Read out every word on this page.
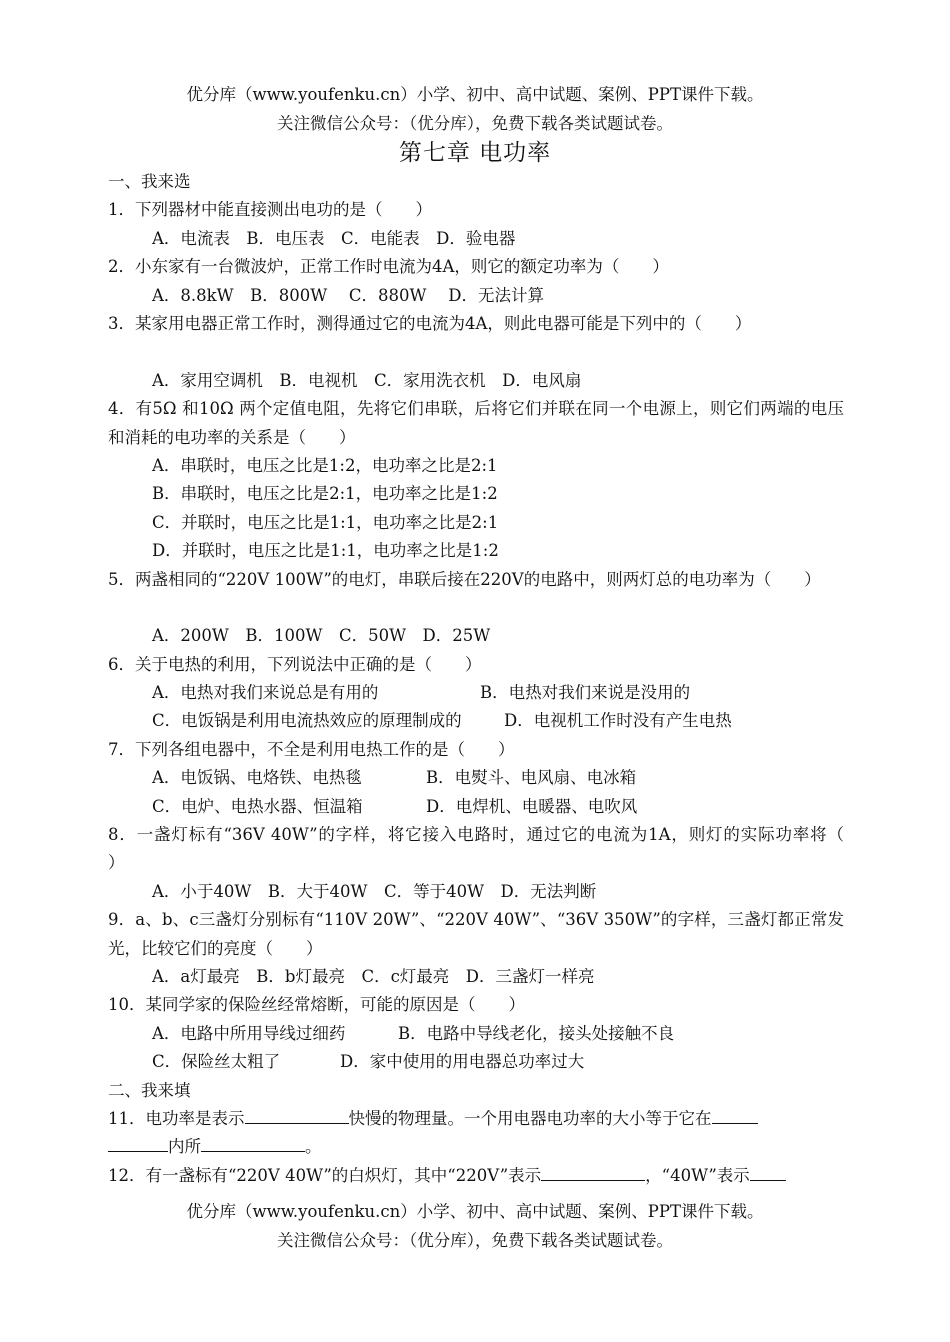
优分库（www.youfenku.cn）小学、初中、高中试题、案例、PPT课件下载。
关注微信公众号：（优分库），免费下载各类试题试卷。
第七章 电功率
一、我来选
1．下列器材中能直接测出电功的是（　　）
A．电流表　B．电压表　C．电能表　D．验电器
2．小东家有一台微波炉，正常工作时电流为4A，则它的额定功率为（　　）
A．8.8kW　B．800W　 C．880W　 D．无法计算
3．某家用电器正常工作时，测得通过它的电流为4A，则此电器可能是下列中的（　　）
A．家用空调机　B．电视机　C．家用洗衣机　D．电风扇
4．有5Ω 和10Ω 两个定值电阻，先将它们串联，后将它们并联在同一个电源上，则它们两端的电压和消耗的电功率的关系是（　　）
A．串联时，电压之比是1:2，电功率之比是2:1
B．串联时，电压之比是2:1，电功率之比是1:2
C．并联时，电压之比是1:1，电功率之比是2:1
D．并联时，电压之比是1:1，电功率之比是1:2
5．两盏相同的“220V 100W”的电灯，串联后接在220V的电路中，则两灯总的电功率为（　　）
A．200W　B．100W　C．50W　D．25W
6．关于电热的利用，下列说法中正确的是（　　）
A．电热对我们来说总是有用的	B．电热对我们来说是没用的
C．电饭锅是利用电流热效应的原理制成的	D．电视机工作时没有产生电热
7．下列各组电器中，不全是利用电热工作的是（　　）
A．电饭锅、电烙铁、电热毯	B．电熨斗、电风扇、电冰箱
C．电炉、电热水器、恒温箱	D．电焊机、电暖器、电吹风
8．一盏灯标有“36V 40W”的字样，将它接入电路时，通过它的电流为1A，则灯的实际功率将（　　）
A．小于40W　B．大于40W　C．等于40W　D．无法判断
9．a、b、c三盏灯分别标有“110V 20W”、“220V 40W”、“36V 350W”的字样，三盏灯都正常发光，比较它们的亮度（　　）
A．a灯最亮　B．b灯最亮　C．c灯最亮　D．三盏灯一样亮
10．某同学家的保险丝经常熔断，可能的原因是（　　）
A．电路中所用导线过细药	B．电路中导线老化，接头处接触不良
C．保险丝太粗了	D．家中使用的用电器总功率过大
二、我来填
11．电功率是表示	快慢的物理量。一个用电器电功率的大小等于它在
内所	。
12．有一盏标有“220V 40W”的白炽灯，其中“220V”表示	，“40W”表示
优分库（www.youfenku.cn）小学、初中、高中试题、案例、PPT课件下载。
关注微信公众号：（优分库），免费下载各类试题试卷。
